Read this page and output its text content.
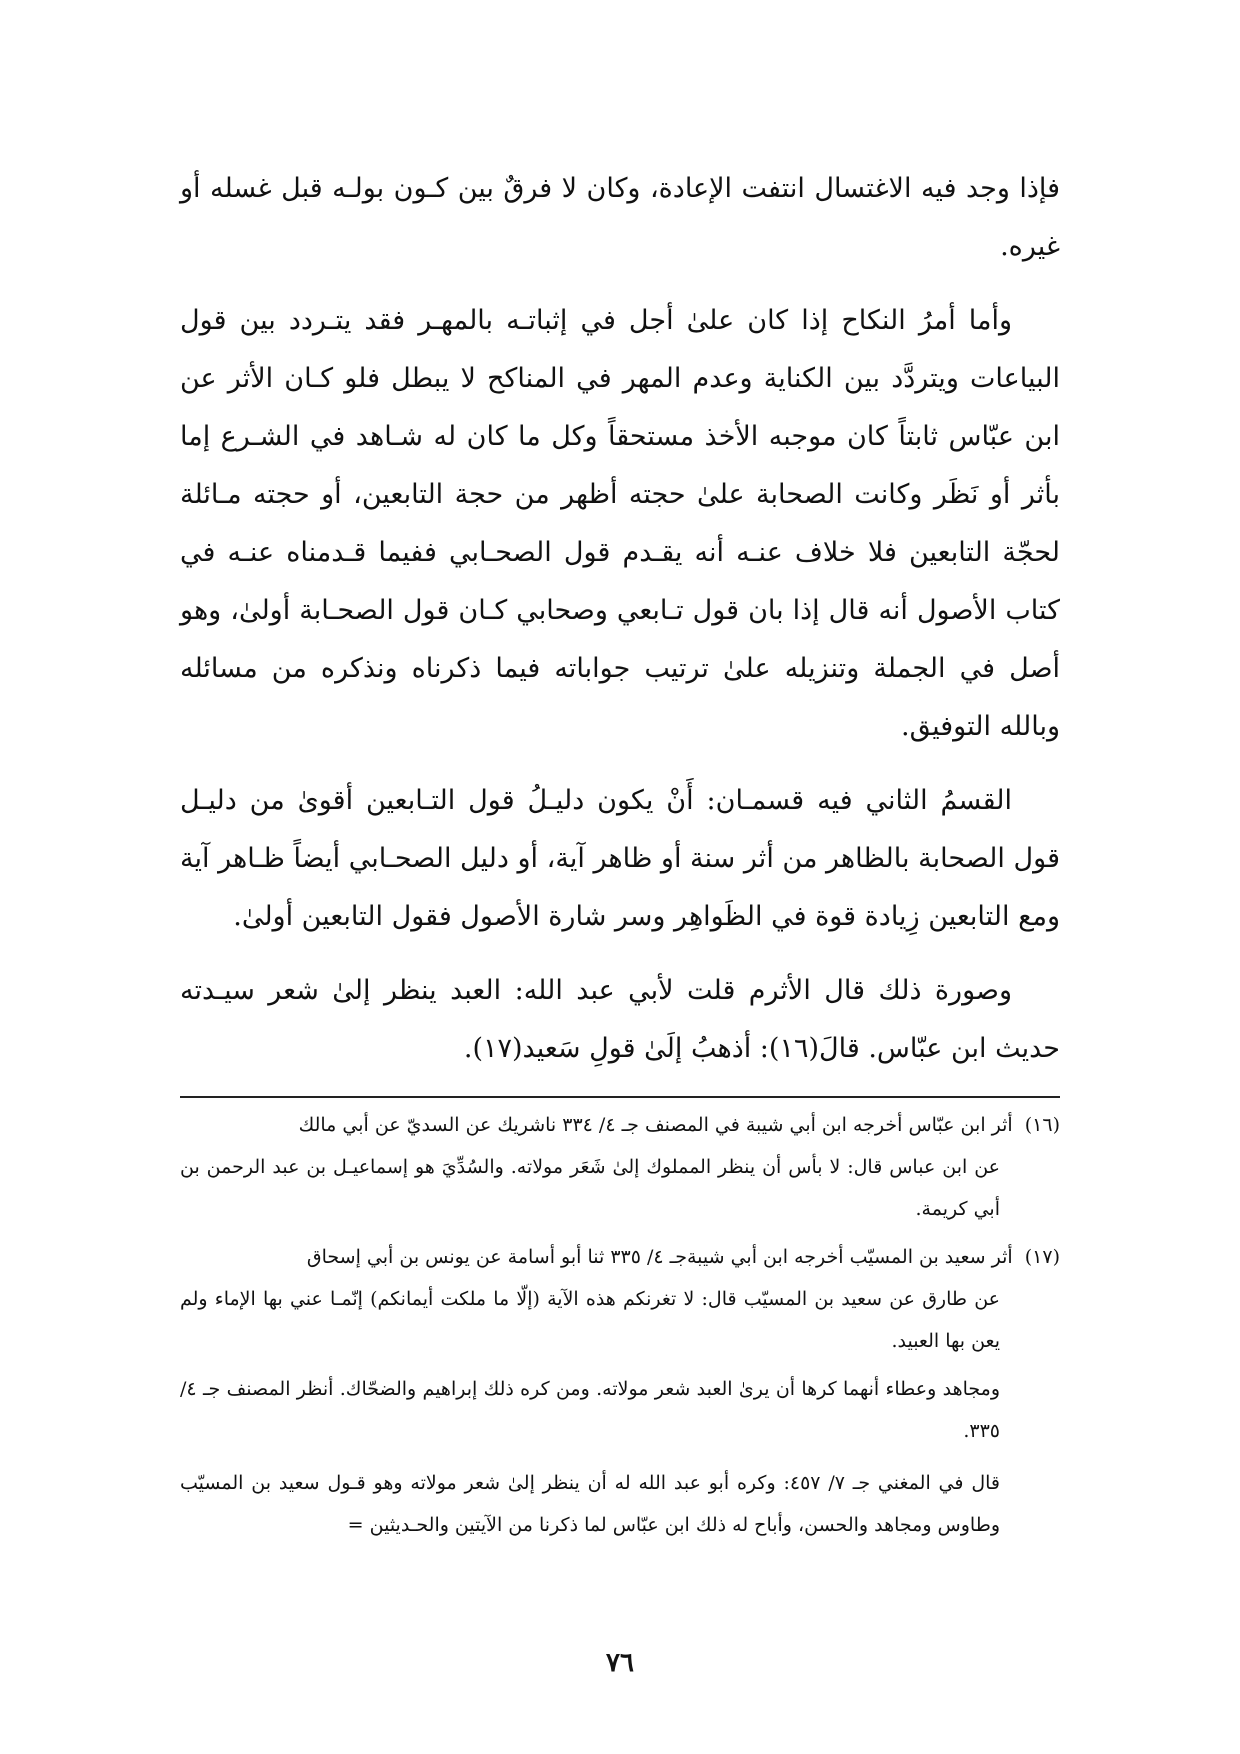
فإذا وجد فيه الاغتسال انتفت الإعادة، وكان لا فرقٌ بين كـون بولـه قبل غسله أو غيره.

وأما أمرُ النكاح إذا كان علىٰ أجل في إثباتـه بالمهـر فقد يتـردد بين قول البياعات ويتردَّد بين الكناية وعدم المهر في المناكح لا يبطل فلو كـان الأثر عن ابن عبّاس ثابتاً كان موجبه الأخذ مستحقاً وكل ما كان له شـاهد في الشـرع إما بأثر أو نَظَر وكانت الصحابة علىٰ حجته أظهر من حجة التابعين، أو حجته مـائلة لحجّة التابعين فلا خلاف عنـه أنه يقـدم قول الصحـابي ففيما قـدمناه عنـه في كتاب الأصول أنه قال إذا بان قول تـابعي وصحابي كـان قول الصحـابة أولىٰ، وهو أصل في الجملة وتنزيله علىٰ ترتيب جواباته فيما ذكرناه ونذكره من مسائله وبالله التوفيق.

القسمُ الثاني فيه قسمـان: أَنْ يكون دليـلُ قول التـابعين أقوىٰ من دليـل قول الصحابة بالظاهر من أثر سنة أو ظاهر آية، أو دليل الصحـابي أيضاً ظـاهر آية ومع التابعين زِيادة قوة في الظَواهِر وسر شارة الأصول فقول التابعين أولىٰ.

وصورة ذلك قال الأثرم قلت لأبي عبد الله: العبد ينظر إلىٰ شعر سيـدته حديث ابن عبّاس. قالَ(١٦): أذهبُ إلَىٰ قولِ سَعيد(١٧).

(١٦) أثر ابن عبّاس أخرجه ابن أبي شيبة في المصنف جـ ٤/ ٣٣٤ ناشريك عن السديّ عن أبي مالك
عن ابن عباس قال: لا بأس أن ينظر المملوك إلىٰ شَعَر مولاته. والسُدِّيَ هو إسماعيـل بن عبد الرحمن بن أبي كريمة.
(١٧) أثر سعيد بن المسيّب أخرجه ابن أبي شيبةجـ ٤/ ٣٣٥ ثنا أبو أسامة عن يونس بن أبي إسحاق
عن طارق عن سعيد بن المسيّب قال: لا تغرنكم هذه الآية (إلّا ما ملكت أيمانكم) إنّمـا عني بها الإماء ولم يعن بها العبيد.

ومجاهد وعطاء أنهما كرها أن يرىٰ العبد شعر مولاته. ومن كره ذلك إبراهيم والضحّاك. أنظر المصنف جـ ٤/ ٣٣٥.

قال في المغني جـ ٧/ ٤٥٧: وكره أبو عبد الله له أن ينظر إلىٰ شعر مولاته وهو قـول سعيد بن المسيّب وطاوس ومجاهد والحسن، وأباح له ذلك ابن عبّاس لما ذكرنا من الآيتين والحـديثين =

٧٦
